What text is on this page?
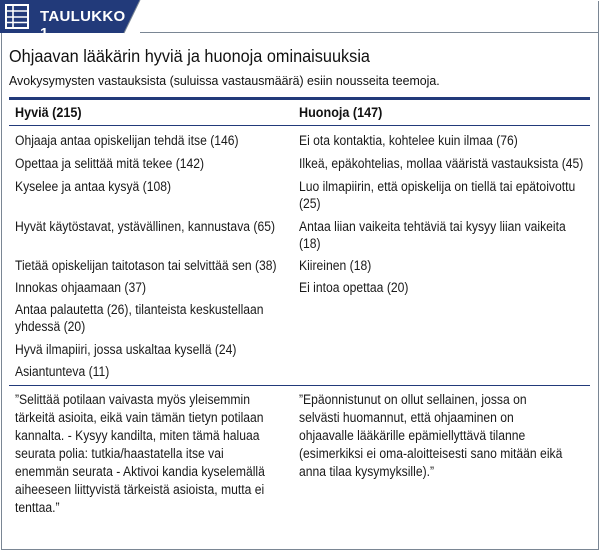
TAULUKKO 1.
Ohjaavan lääkärin hyviä ja huonoja ominaisuuksia

Avokysymysten vastauksista (suluissa vastausmäärä) esiin nousseita teemoja.

Hyviä (215)	Huonoja (147)
Ohjaaja antaa opiskelijan tehdä itse (146)
Opettaa ja selittää mitä tekee (142)
Kyselee ja antaa kysyä (108)
Hyvät käytöstavat, ystävällinen, kannustava (65)
Tietää opiskelijan taitotason tai selvittää sen (38)
Innokas ohjaamaan (37)
Antaa palautetta (26), tilanteista keskustellaan yhdessä (20)
Hyvä ilmapiiri, jossa uskaltaa kysellä (24)
Asiantunteva (11)
Ei ota kontaktia, kohtelee kuin ilmaa (76)
Ilkeä, epäkohtelias, mollaa vääristä vastauksista (45)
Luo ilmapiirin, että opiskelija on tiellä tai epätoivottu (25)
Antaa liian vaikeita tehtäviä tai kysyy liian vaikeita (18)
Kiireinen (18)
Ei intoa opettaa (20)
”Selittää potilaan vaivasta myös yleisemmin tärkeitä asioita, eikä vain tämän tietyn potilaan kannalta. - Kysyy kandilta, miten tämä haluaa seurata polia: tutkia/haastatella itse vai enemmän seurata - Aktivoi kandia kyselemällä aiheeseen liittyvistä tärkeistä asioista, mutta ei tenttaa.”
”Epäonnistunut on ollut sellainen, jossa on selvästi huomannut, että ohjaaminen on ohjaavalle lääkärille epämiellyttävä tilanne (esimerkiksi ei oma-aloitteisesti sano mitään eikä anna tilaa kysymyksille).”
